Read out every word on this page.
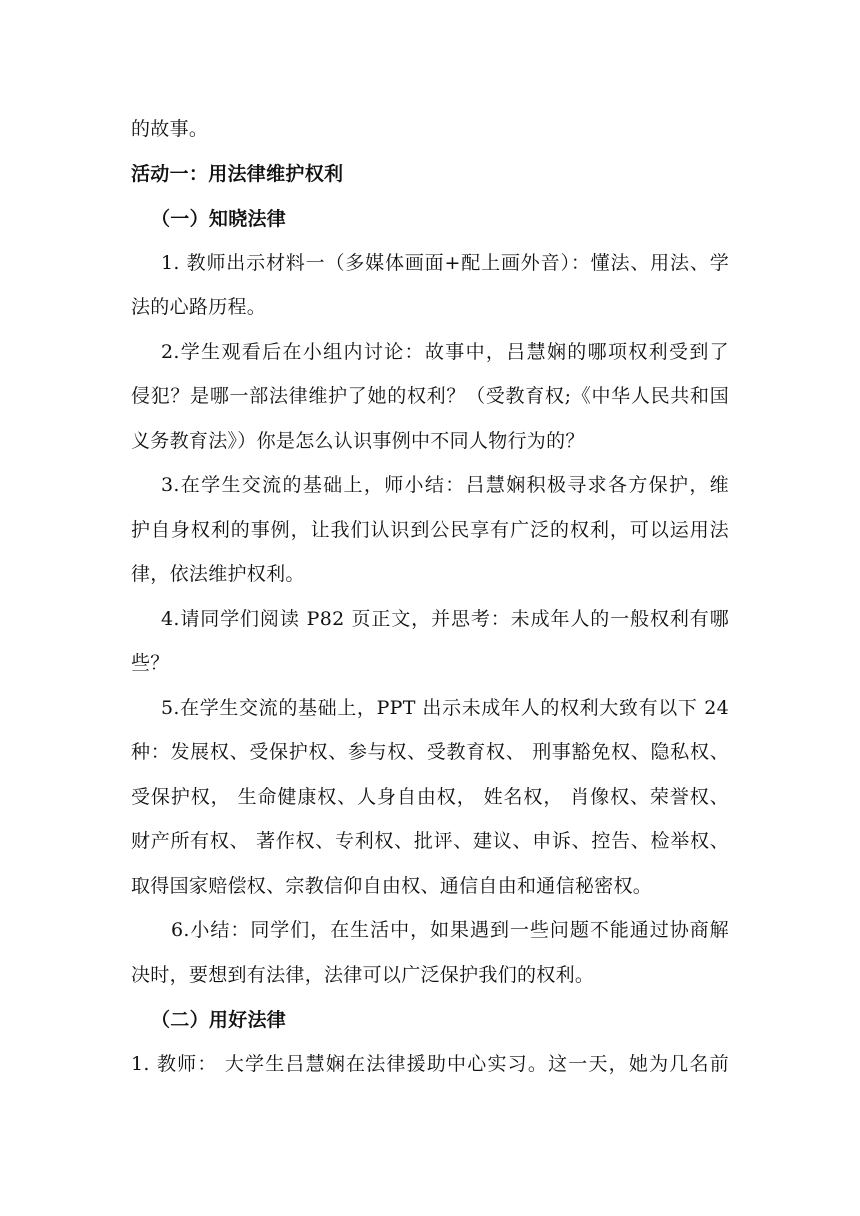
的故事。
活动一：用法律维护权利
（一）知晓法律
1. 教师出示材料一（多媒体画面+配上画外音）：懂法、用法、学
法的心路历程。
2.学生观看后在小组内讨论：故事中，吕慧娴的哪项权利受到了
侵犯？是哪一部法律维护了她的权利？（受教育权;《中华人民共和国
义务教育法》）你是怎么认识事例中不同人物行为的？
3.在学生交流的基础上，师小结：吕慧娴积极寻求各方保护，维
护自身权利的事例，让我们认识到公民享有广泛的权利，可以运用法
律，依法维护权利。
4.请同学们阅读 P82 页正文，并思考：未成年人的一般权利有哪
些？
5.在学生交流的基础上，PPT 出示未成年人的权利大致有以下 24
种：发展权、受保护权、参与权、受教育权、 刑事豁免权、隐私权、
受保护权， 生命健康权、人身自由权， 姓名权， 肖像权、荣誉权、
财产所有权、 著作权、专利权、批评、建议、申诉、控告、检举权、
取得国家赔偿权、宗教信仰自由权、通信自由和通信秘密权。
6.小结：同学们，在生活中，如果遇到一些问题不能通过协商解
决时，要想到有法律，法律可以广泛保护我们的权利。
（二）用好法律
1. 教师： 大学生吕慧娴在法律援助中心实习。这一天，她为几名前
